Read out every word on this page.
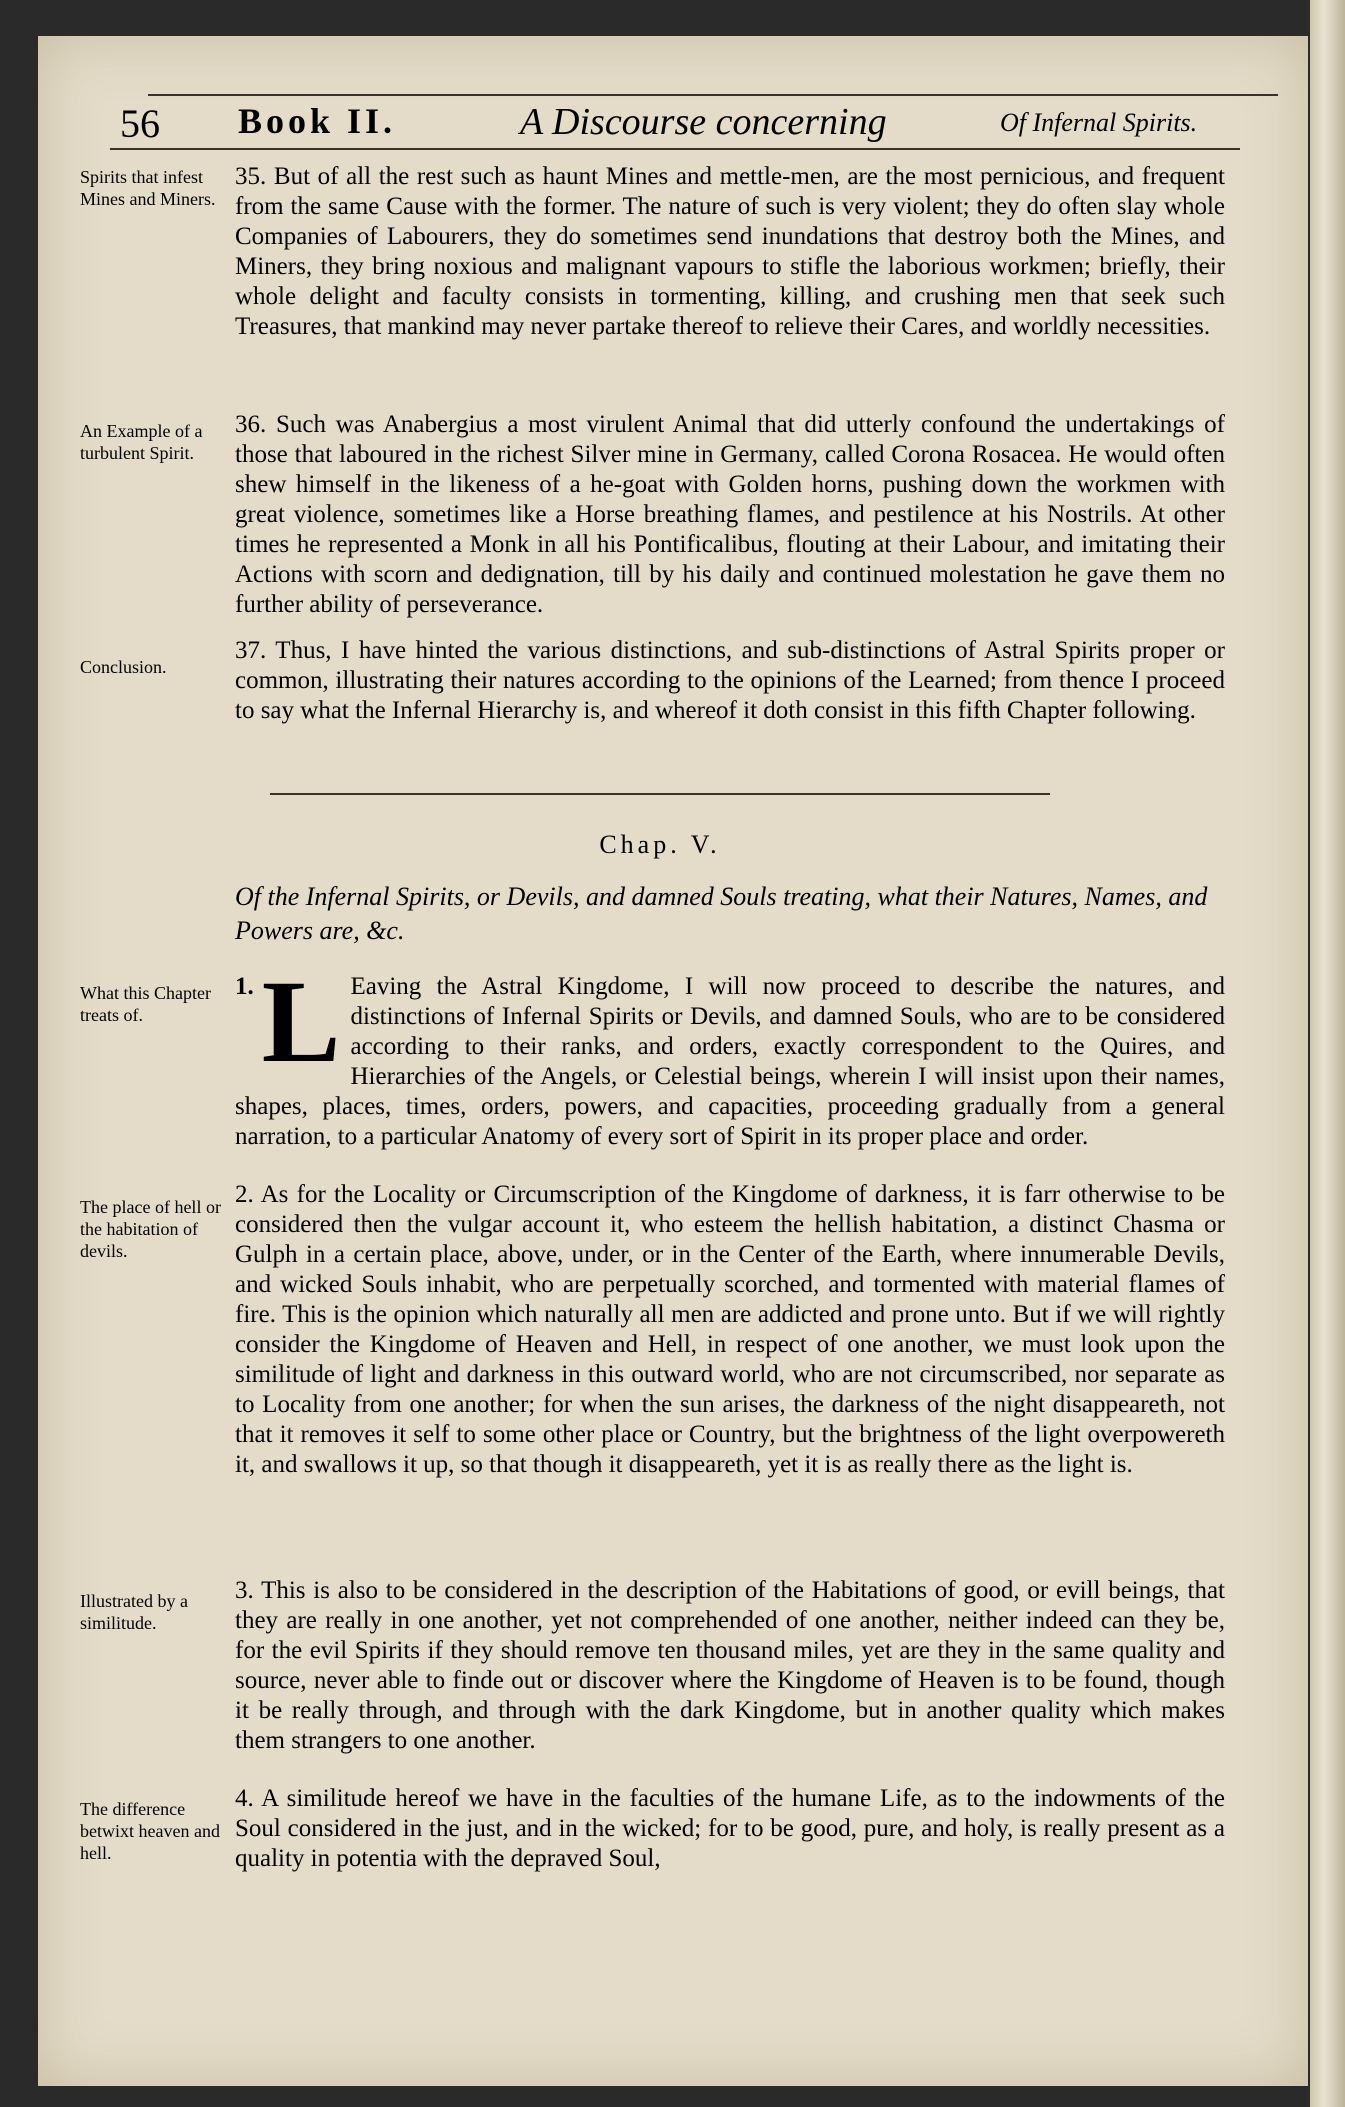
56 Book II.	A Discourse concerning	Of Infernal Spirits.
Spirits that infest Mines and Miners.
An Example of a turbulent Spirit.
Conclusion.
What this Chapter treats of.
The place of hell or the habitation of devils.
Illustrated by a similitude.
The difference betwixt heaven and hell.
35. But of all the rest such as haunt Mines and mettle-men, are the most pernicious, and frequent from the same Cause with the former. The nature of such is very violent; they do often slay whole Companies of Labourers, they do sometimes send inundations that destroy both the Mines, and Miners, they bring noxious and malignant vapours to stifle the laborious workmen; briefly, their whole delight and faculty consists in tormenting, killing, and crushing men that seek such Treasures, that mankind may never partake thereof to relieve their Cares, and worldly necessities.
36. Such was Anabergius a most virulent Animal that did utterly confound the undertakings of those that laboured in the richest Silver mine in Germany, called Corona Rosacea. He would often shew himself in the likeness of a he-goat with Golden horns, pushing down the workmen with great violence, sometimes like a Horse breathing flames, and pestilence at his Nostrils. At other times he represented a Monk in all his Pontificalibus, flouting at their Labour, and imitating their Actions with scorn and dedignation, till by his daily and continued molestation he gave them no further ability of perseverance.
37. Thus, I have hinted the various distinctions, and sub-distinctions of Astral Spirits proper or common, illustrating their natures according to the opinions of the Learned; from thence I proceed to say what the Infernal Hierarchy is, and whereof it doth consist in this fifth Chapter following.
Chap. V.
Of the Infernal Spirits, or Devils, and damned Souls treating, what their Natures, Names, and Powers are, &c.
1. L Eaving the Astral Kingdome, I will now proceed to describe the natures, and distinctions of Infernal Spirits or Devils, and damned Souls, who are to be considered according to their ranks, and orders, exactly correspondent to the Quires, and Hierarchies of the Angels, or Celestial beings, wherein I will insist upon their names, shapes, places, times, orders, powers, and capacities, proceeding gradually from a general narration, to a particular Anatomy of every sort of Spirit in its proper place and order.
2. As for the Locality or Circumscription of the Kingdome of darkness, it is farr otherwise to be considered then the vulgar account it, who esteem the hellish habitation, a distinct Chasma or Gulph in a certain place, above, under, or in the Center of the Earth, where innumerable Devils, and wicked Souls inhabit, who are perpetually scorched, and tormented with material flames of fire. This is the opinion which naturally all men are addicted and prone unto. But if we will rightly consider the Kingdome of Heaven and Hell, in respect of one another, we must look upon the similitude of light and darkness in this outward world, who are not circumscribed, nor separate as to Locality from one another; for when the sun arises, the darkness of the night disappeareth, not that it removes it self to some other place or Country, but the brightness of the light overpowereth it, and swallows it up, so that though it disappeareth, yet it is as really there as the light is.
3. This is also to be considered in the description of the Habitations of good, or evill beings, that they are really in one another, yet not comprehended of one another, neither indeed can they be, for the evil Spirits if they should remove ten thousand miles, yet are they in the same quality and source, never able to finde out or discover where the Kingdome of Heaven is to be found, though it be really through, and through with the dark Kingdome, but in another quality which makes them strangers to one another.
4. A similitude hereof we have in the faculties of the humane Life, as to the indowments of the Soul considered in the just, and in the wicked; for to be good, pure, and holy, is really present as a quality in potentia with the depraved Soul,
